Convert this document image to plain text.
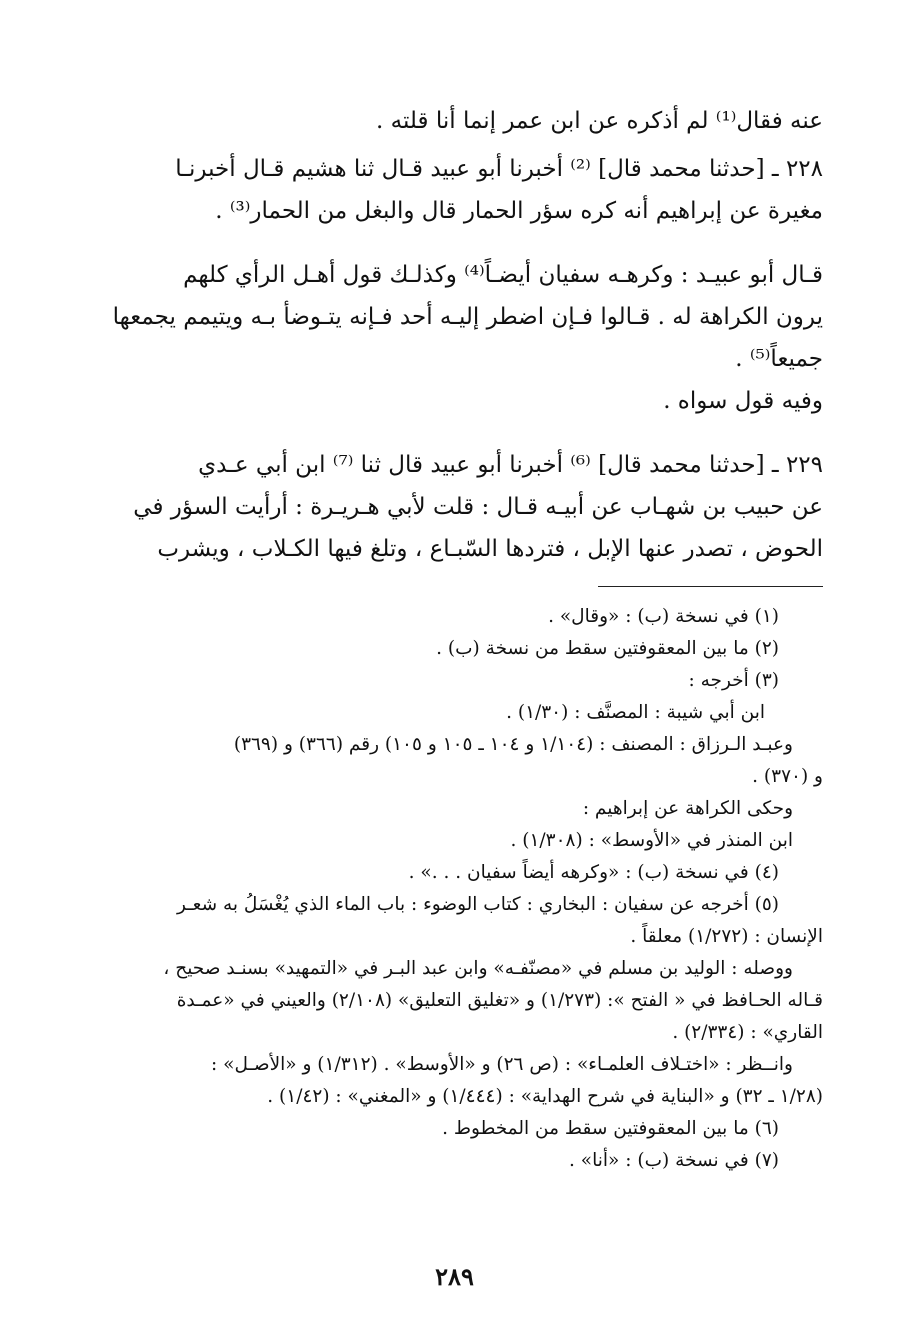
عنه فقال⁽¹⁾ لم أذكره عن ابن عمر إنما أنا قلته .

٢٢٨ ـ [حدثنا محمد قال] ⁽²⁾ أخبرنا أبو عبيد قـال ثنا هشيم قـال أخبرنـا

مغيرة عن إبراهيم أنه كره سؤر الحمار قال والبغل من الحمار⁽³⁾ .

قـال أبو عبيـد : وكرهـه سفيان أيضـاً⁽⁴⁾ وكذلـك قول أهـل الرأي كلهم

يرون الكراهة له . قـالوا فـإن اضطر إليـه أحد فـإنه يتـوضأ بـه ويتيمم يجمعها

جميعاً⁽⁵⁾ .

وفيه قول سواه .

٢٢٩ ـ [حدثنا محمد قال] ⁽⁶⁾ أخبرنا أبو عبيد قال ثنا ⁽⁷⁾ ابن أبي عـدي

عن حبيب بن شهـاب عن أبيـه قـال : قلت لأبي هـريـرة : أرأيت السؤر في

الحوض ، تصدر عنها الإبل ، فتردها السّبـاع ، وتلغ فيها الكـلاب ، ويشرب

(١) في نسخة (ب) : «وقال» .

(٢) ما بين المعقوفتين سقط من نسخة (ب) .

(٣) أخرجه :

ابن أبي شيبة : المصنَّف : (١/٣٠) .

وعبـد الـرزاق : المصنف : (١/١٠٤ و ١٠٤ ـ ١٠٥ و ١٠٥) رقم (٣٦٦) و (٣٦٩)

و (٣٧٠) .

وحكى الكراهة عن إبراهيم :

ابن المنذر في «الأوسط» : (١/٣٠٨) .

(٤) في نسخة (ب) : «وكرهه أيضاً سفيان . . .» .

(٥) أخرجه عن سفيان : البخاري : كتاب الوضوء : باب الماء الذي يُغْسَلُ به شعـر

الإنسان : (١/٢٧٢) معلقاً .

ووصله : الوليد بن مسلم في «مصنّفـه» وابن عبد البـر في «التمهيد» بسنـد صحيح ،

قـاله الحـافظ في « الفتح »: (١/٢٧٣) و «تغليق التعليق» (٢/١٠٨) والعيني في «عمـدة

القاري» : (٢/٣٣٤) .

وانــظر : «اختـلاف العلمـاء» : (ص ٢٦) و «الأوسط» . (١/٣١٢) و «الأصـل» :

(١/٢٨ ـ ٣٢) و «البناية في شرح الهداية» : (١/٤٤٤) و «المغني» : (١/٤٢) .

(٦) ما بين المعقوفتين سقط من المخطوط .

(٧) في نسخة (ب) : «أنا» .

٢٨٩
